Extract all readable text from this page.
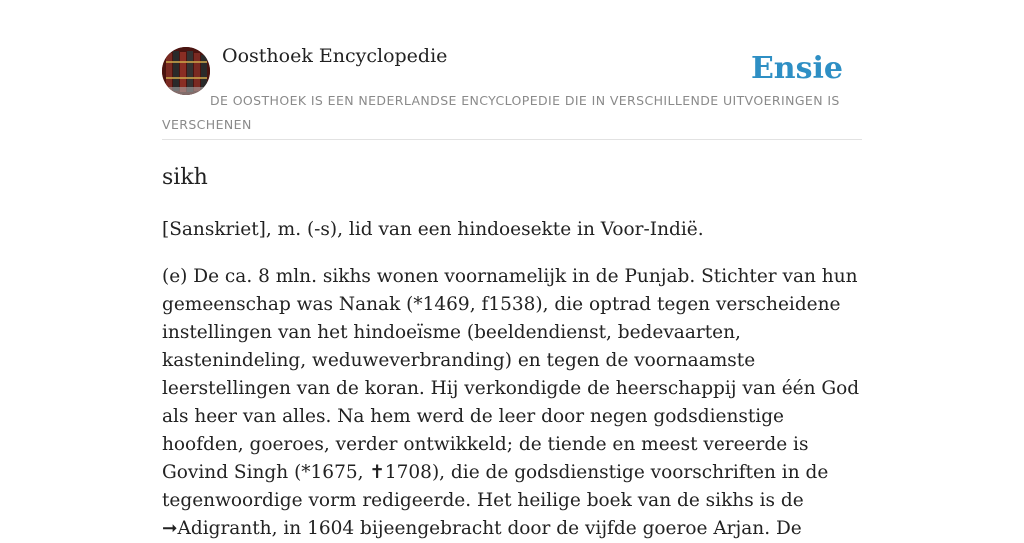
Oosthoek Encyclopedie	Ensie
DE OOSTHOEK IS EEN NEDERLANDSE ENCYCLOPEDIE DIE IN VERSCHILLENDE UITVOERINGEN IS VERSCHENEN
sikh

[Sanskriet], m. (-s), lid van een hindoesekte in Voor-Indië.

(e) De ca. 8 mln. sikhs wonen voornamelijk in de Punjab. Stichter van hun gemeenschap was Nanak (*1469, f1538), die optrad tegen verscheidene instellingen van het hindoeïsme (beeldendienst, bedevaarten, kastenindeling, weduweverbranding) en tegen de voornaamste leerstellingen van de koran. Hij verkondigde de heerschappij van één God als heer van alles. Na hem werd de leer door negen godsdienstige hoofden, goeroes, verder ontwikkeld; de tiende en meest vereerde is Govind Singh (*1675, ✝1708), die de godsdienstige voorschriften in de tegenwoordige vorm redigeerde. Het heilige boek van de sikhs is de ➞Adigranth, in 1604 bijeengebracht door de vijfde goeroe Arjan. De
